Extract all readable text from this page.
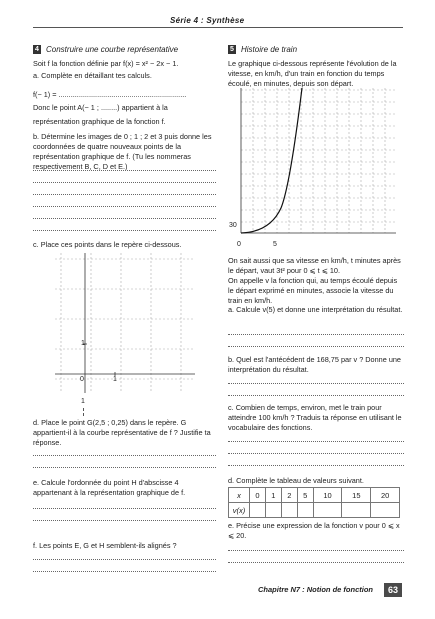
Série 4 : Synthèse
4 Construire une courbe représentative

Soit f la fonction définie par f(x) = x² − 2x − 1.

a. Complète en détaillant tes calculs.

f(− 1) = ...............................................................

Donc le point A(− 1 ; ........) appartient à la

représentation graphique de la fonction f.

b. Détermine les images de 0 ; 1 ; 2 et 3 puis donne les coordonnées de quatre nouveaux points de la représentation graphique de f. (Tu les nommeras respectivement B, C, D et E.)

c. Place ces points dans le repère ci-dessous.

1
0	1
1

d. Place le point G(2,5 ; 0,25) dans le repère. G appartient-il à la courbe représentative de f ? Justifie ta réponse.

e. Calcule l'ordonnée du point H d'abscisse 4 appartenant à la représentation graphique de f.

f. Les points E, G et H semblent-ils alignés ?

5 Histoire de train

Le graphique ci-dessous représente l'évolution de la vitesse, en km/h, d'un train en fonction du temps écoulé, en minutes, depuis son départ.

30
0	5

On sait aussi que sa vitesse en km/h, t minutes après le départ, vaut 3t² pour 0 ⩽ t ⩽ 10.

On appelle v la fonction qui, au temps écoulé depuis le départ exprimé en minutes, associe la vitesse du train en km/h.

a. Calcule v(5) et donne une interprétation du résultat.

b. Quel est l'antécédent de 168,75 par v ? Donne une interprétation du résultat.

c. Combien de temps, environ, met le train pour atteindre 100 km/h ? Traduis ta réponse en utilisant le vocabulaire des fonctions.

d. Complète le tableau de valeurs suivant.

x	0	1	2	5	10	15	20
v(x)							

e. Précise une expression de la fonction v pour 0 ⩽ x ⩽ 20.

Chapitre N7 : Notion de fonction	63
